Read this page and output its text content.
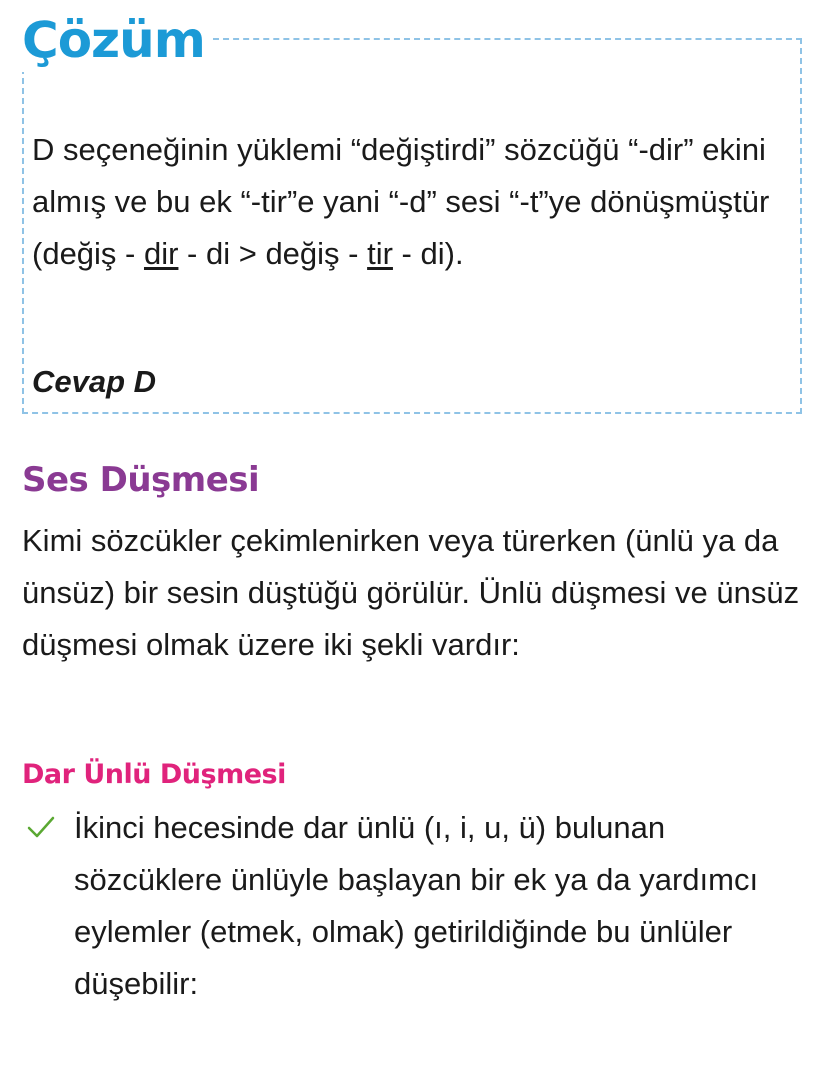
Çözüm

D seçeneğinin yüklemi “değiştirdi” sözcüğü “-dir” ekini almış ve bu ek “-tir”e yani “-d” sesi “-t”ye dönüşmüştür (değiş - dir - di > değiş - tir - di).

Cevap D

Ses Düşmesi

Kimi sözcükler çekimlenirken veya türerken (ünlü ya da ünsüz) bir sesin düştüğü görülür. Ünlü düşmesi ve ünsüz düşmesi olmak üzere iki şekli vardır:

Dar Ünlü Düşmesi

İkinci hecesinde dar ünlü (ı, i, u, ü) bulunan sözcüklere ünlüyle başlayan bir ek ya da yardımcı eylemler (etmek, olmak) getirildiğinde bu ünlüler düşebilir:
